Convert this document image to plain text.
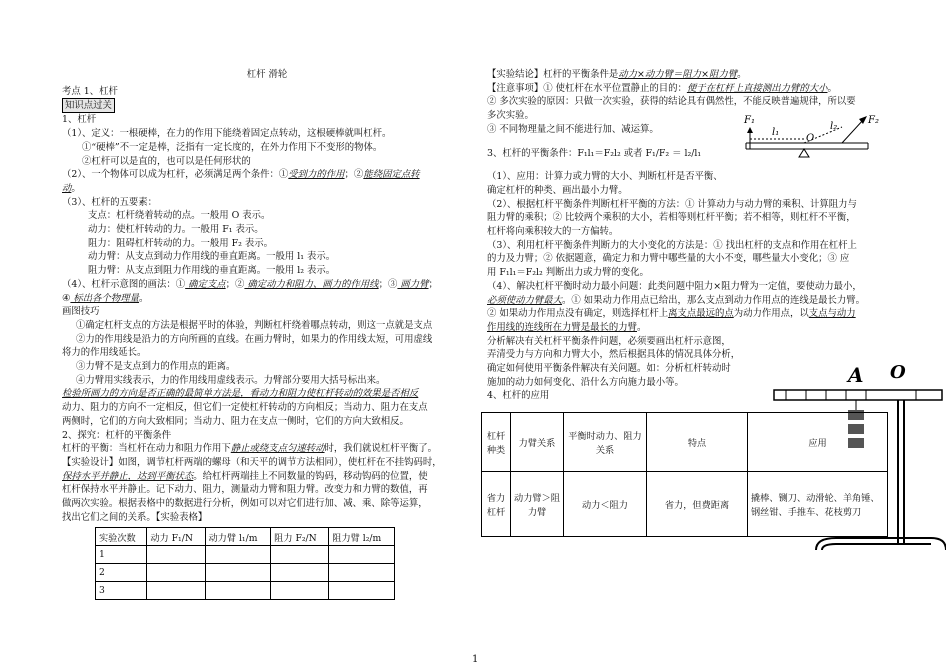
杠杆 滑轮
考点 1、杠杆
知识点过关
1、杠杆
（1）、定义：一根硬棒，在力的作用下能绕着固定点转动，这根硬棒就叫杠杆。
①“硬棒”不一定是棒，泛指有一定长度的，在外力作用下不变形的物体。
②杠杆可以是直的，也可以是任何形状的
（2）、一个物体可以成为杠杆，必须满足两个条件：①受到力的作用；②能绕固定点转
动。
（3）、杠杆的五要素：
支点：杠杆绕着转动的点。一般用 O 表示。
动力：使杠杆转动的力。一般用 F₁ 表示。
阻力：阻碍杠杆转动的力。一般用 F₂ 表示。
动力臂：从支点到动力作用线的垂直距离。一般用 l₁ 表示。
阻力臂：从支点到阻力作用线的垂直距离。一般用 l₂ 表示。
（4）、杠杆示意图的画法：① 确定支点；② 确定动力和阻力、画力的作用线；③ 画力臂；
④ 标出各个物理量。
画图技巧
①确定杠杆支点的方法是根据平时的体验，判断杠杆绕着哪点转动，则这一点就是支点
②力的作用线是沿力的方向所画的直线。在画力臂时，如果力的作用线太短，可用虚线
将力的作用线延长。
③力臂不是支点到力的作用点的距离。
④力臂用实线表示，力的作用线用虚线表示。力臂部分要用大括号标出来。
检验所画力的方向是否正确的最简单方法是，看动力和阻力使杠杆转动的效果是否相反
动力、阻力的方向不一定相反，但它们一定使杠杆转动的方向相反；当动力、阻力在支点
两侧时，它们的方向大致相同；当动力、阻力在支点一侧时，它们的方向大致相反。
2、探究：杠杆的平衡条件
杠杆的平衡：当杠杆在动力和阻力作用下静止或绕支点匀速转动时，我们就说杠杆平衡了。
【实验设计】如图，调节杠杆两端的螺母（和天平的调节方法相同），使杠杆在不挂钩码时，
保持水平并静止，达到平衡状态。给杠杆两端挂上不同数量的钩码，移动钩码的位置，使
杠杆保持水平并静止。记下动力、阻力，测量动力臂和阻力臂。改变力和力臂的数值，再
做两次实验。根据表格中的数据进行分析，例如可以对它们进行加、减、乘、除等运算，
找出它们之间的关系。【实验表格】
实验次数	动力 F₁/N	动力臂 l₁/m	阻力 F₂/N	阻力臂 l₂/m
1				
2				
3				
【实验结论】杠杆的平衡条件是动力×动力臂＝阻力×阻力臂。
【注意事项】① 使杠杆在水平位置静止的目的：便于在杠杆上直接测出力臂的大小。
② 多次实验的原因：只做一次实验，获得的结论具有偶然性，不能反映普遍规律，所以要
多次实验。
③ 不同物理量之间不能进行加、减运算。
3、杠杆的平衡条件：F₁l₁＝F₂l₂ 或者 F₁/F₂ ＝ l₂/l₁
（1）、应用：计算力或力臂的大小、判断杠杆是否平衡、
确定杠杆的种类、画出最小力臂。
（2）、根据杠杆平衡条件判断杠杆平衡的方法：① 计算动力与动力臂的乘积、计算阻力与
阻力臂的乘积；② 比较两个乘积的大小，若相等则杠杆平衡；若不相等，则杠杆不平衡，
杠杆将向乘积较大的一方偏转。
（3）、利用杠杆平衡条件判断力的大小变化的方法是：① 找出杠杆的支点和作用在杠杆上
的力及力臂；② 依据题意，确定力和力臂中哪些量的大小不变，哪些量大小变化；③ 应
用 F₁l₁＝F₂l₂ 判断出力或力臂的变化。
（4）、解决杠杆平衡时动力最小问题：此类问题中阻力×阻力臂为一定值，要使动力最小，
必须使动力臂最大。① 如果动力作用点已给出，那么支点到动力作用点的连线是最长力臂。
② 如果动力作用点没有确定，则选择杠杆上离支点最远的点为动力作用点，以支点与动力
作用线的连线所在力臂是最长的力臂。
分析解决有关杠杆平衡条件问题，必须要画出杠杆示意图，
弄清受力与方向和力臂大小，然后根据具体的情况具体分析，
确定如何使用平衡条件解决有关问题。如：分析杠杆转动时
施加的动力如何变化、沿什么方向施力最小等。
4、杠杆的应用
F₁	F₂
l₁
l₂
O
A O
杠杆种类	力臂关系	平衡时动力、阻力关系	特点	应用
省力杠杆	动力臂＞阻力臂	动力＜阻力	省力，但费距离	撬棒、铡刀、动滑轮、羊角锤、钢丝钳、手推车、花枝剪刀
1
